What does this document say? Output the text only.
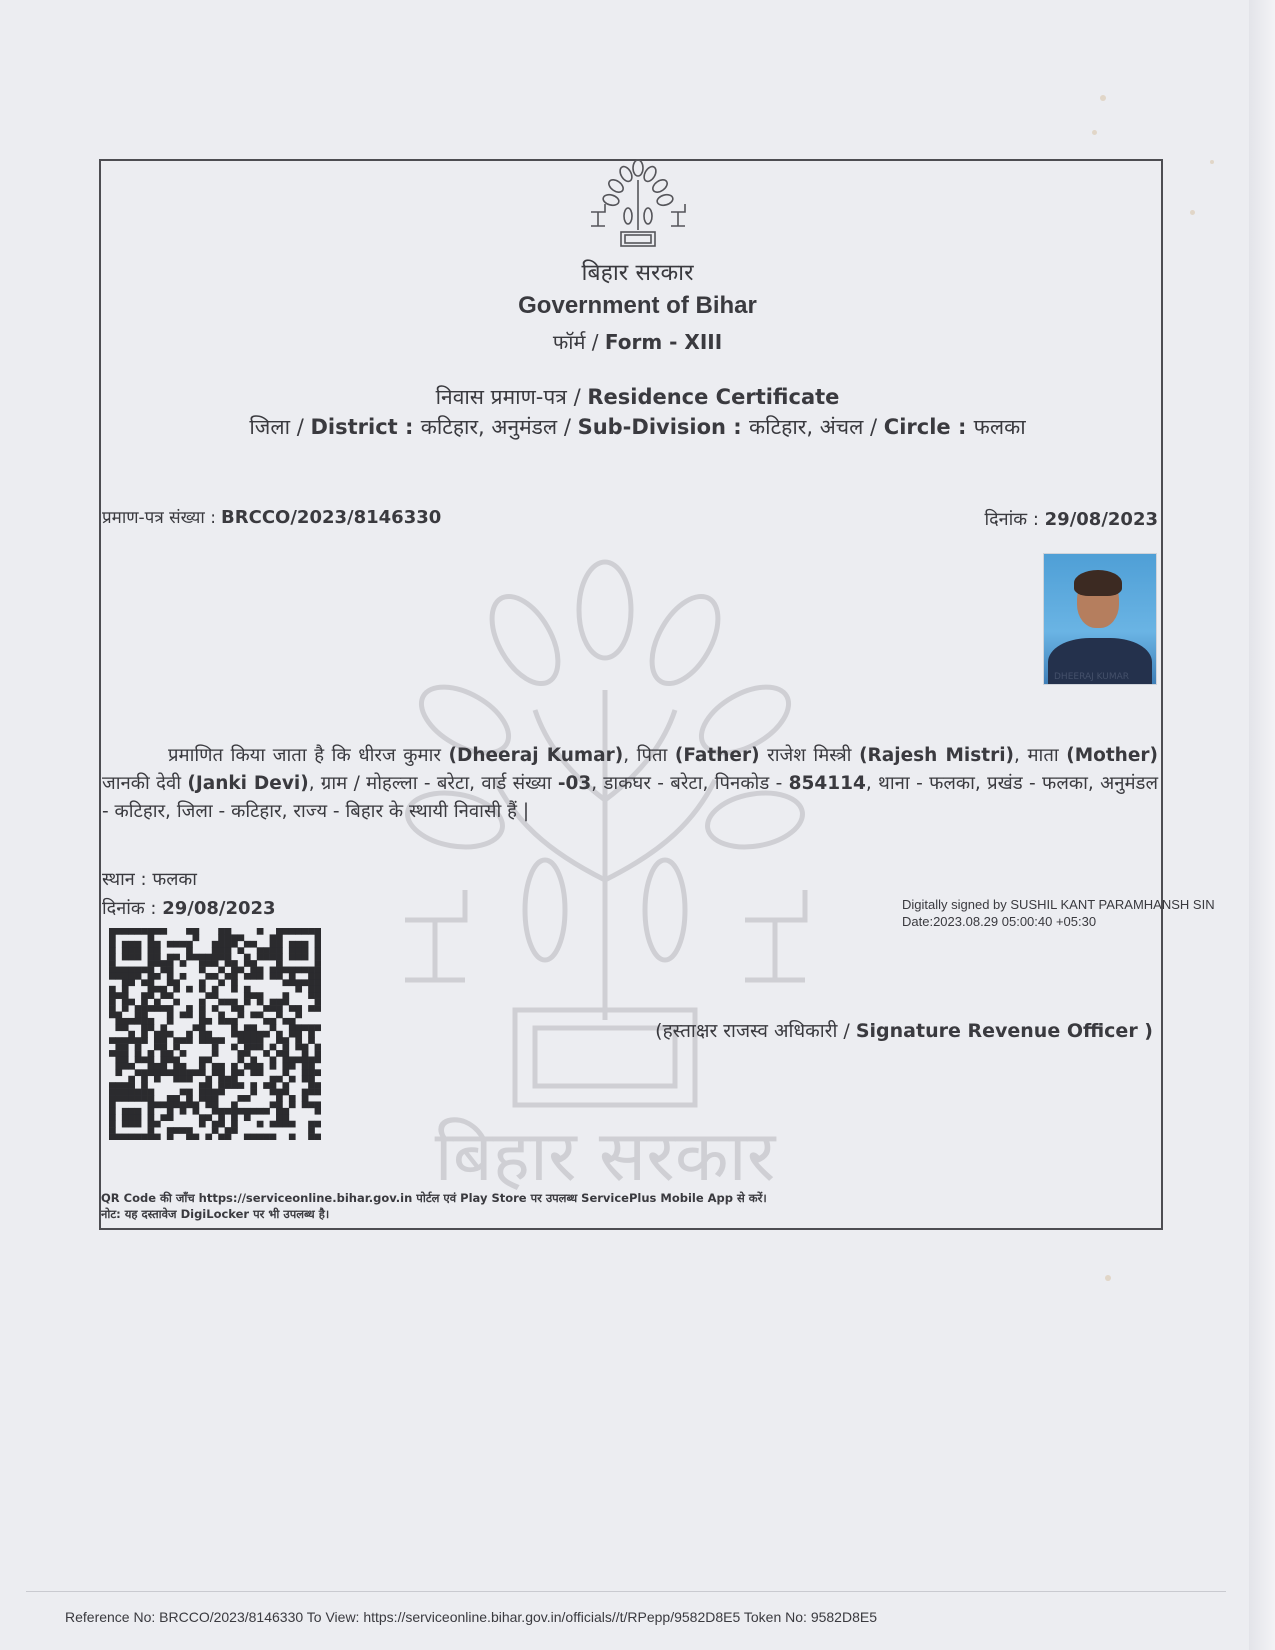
बिहार सरकार
Government of Bihar
फॉर्म / Form - XIII
निवास प्रमाण-पत्र / Residence Certificate
जिला / District : कटिहार, अनुमंडल / Sub-Division : कटिहार, अंचल / Circle : फलका
प्रमाण-पत्र संख्या : BRCCO/2023/8146330	दिनांक : 29/08/2023
बिहार सरकार
DHEERAJ KUMAR
प्रमाणित किया जाता है कि धीरज कुमार (Dheeraj Kumar), पिता (Father) राजेश मिस्त्री (Rajesh Mistri), माता (Mother) जानकी देवी (Janki Devi), ग्राम / मोहल्ला - बरेटा, वार्ड संख्या -03, डाकघर - बरेटा, पिनकोड - 854114, थाना - फलका, प्रखंड - फलका, अनुमंडल - कटिहार, जिला - कटिहार, राज्य - बिहार के स्थायी निवासी हैं |
स्थान : फलका
दिनांक : 29/08/2023	Digitally signed by SUSHIL KANT PARAMHANSH SIN
Date:2023.08.29 05:00:40 +05:30
(हस्ताक्षर राजस्व अधिकारी / Signature Revenue Officer )
QR Code की जाँच https://serviceonline.bihar.gov.in पोर्टल एवं Play Store पर उपलब्ध ServicePlus Mobile App से करें।
नोट: यह दस्तावेज DigiLocker पर भी उपलब्ध है।
Reference No: BRCCO/2023/8146330 To View: https://serviceonline.bihar.gov.in/officials//t/RPepp/9582D8E5 Token No: 9582D8E5
